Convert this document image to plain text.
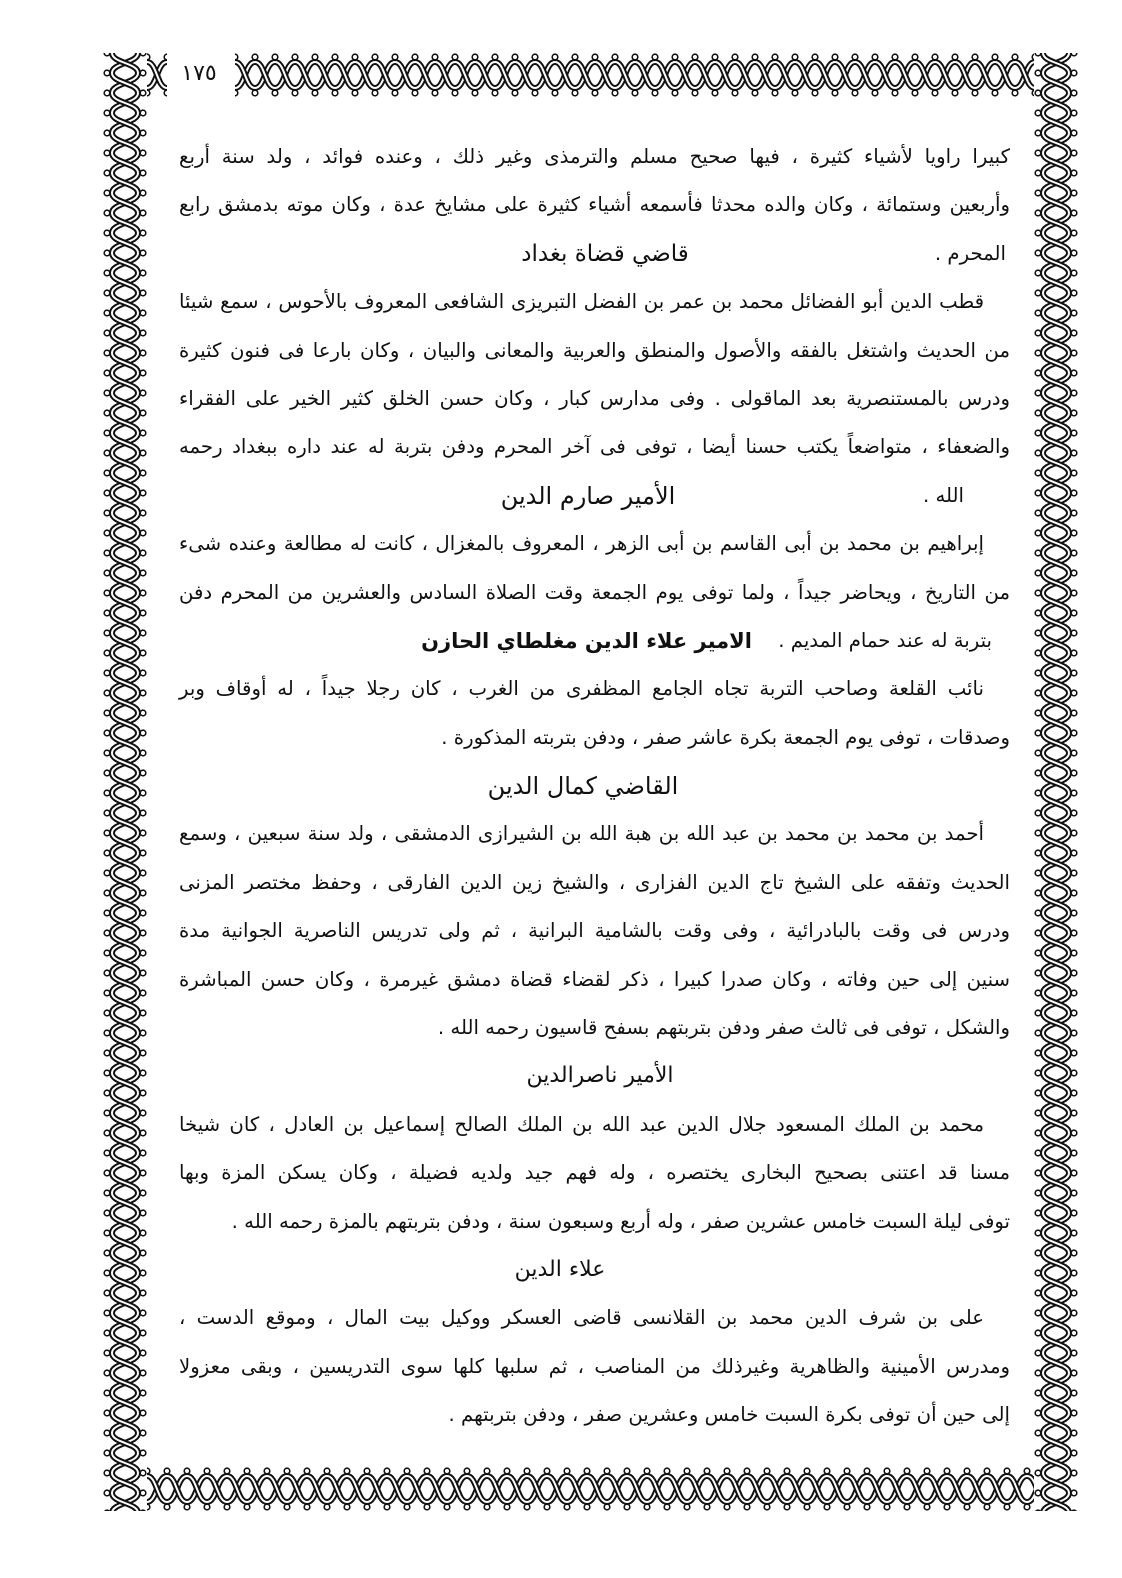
١٧٥
كبيرا راويا لأشياء كثيرة ، فيها صحيح مسلم والترمذى وغير ذلك ، وعنده فوائد ، ولد سنة أربع
وأربعين وستمائة ، وكان والده محدثا فأسمعه أشياء كثيرة على مشايخ عدة ، وكان موته بدمشق رابع
المحرم .
قاضي قضاة بغداد
قطب الدين أبو الفضائل محمد بن عمر بن الفضل التبريزى الشافعى المعروف بالأحوس ، سمع شيئا
من الحديث واشتغل بالفقه والأصول والمنطق والعربية والمعانى والبيان ، وكان بارعا فى فنون كثيرة
ودرس بالمستنصرية بعد الماقولى . وفى مدارس كبار ، وكان حسن الخلق كثير الخير على الفقراء
والضعفاء ، متواضعاً يكتب حسنا أيضا ، توفى فى آخر المحرم ودفن بتربة له عند داره ببغداد رحمه
الله .
الأمير صارم الدين
إبراهيم بن محمد بن أبى القاسم بن أبى الزهر ، المعروف بالمغزال ، كانت له مطالعة وعنده شىء
من التاريخ ، ويحاضر جيداً ، ولما توفى يوم الجمعة وقت الصلاة السادس والعشرين من المحرم دفن
بتربة له عند حمام المديم .
الامير علاء الدين مغلطاي الحازن
نائب القلعة وصاحب التربة تجاه الجامع المظفرى من الغرب ، كان رجلا جيداً ، له أوقاف وبر
وصدقات ، توفى يوم الجمعة بكرة عاشر صفر ، ودفن بتربته المذكورة .
القاضي كمال الدين
أحمد بن محمد بن محمد بن عبد الله بن هبة الله بن الشيرازى الدمشقى ، ولد سنة سبعين ، وسمع
الحديث وتفقه على الشيخ تاج الدين الفزارى ، والشيخ زين الدين الفارقى ، وحفظ مختصر المزنى
ودرس فى وقت بالبادرائية ، وفى وقت بالشامية البرانية ، ثم ولى تدريس الناصرية الجوانية مدة
سنين إلى حين وفاته ، وكان صدرا كبيرا ، ذكر لقضاء قضاة دمشق غيرمرة ، وكان حسن المباشرة
والشكل ، توفى فى ثالث صفر ودفن بتربتهم بسفح قاسيون رحمه الله .
الأمير ناصرالدين
محمد بن الملك المسعود جلال الدين عبد الله بن الملك الصالح إسماعيل بن العادل ، كان شيخا
مسنا قد اعتنى بصحيح البخارى يختصره ، وله فهم جيد ولديه فضيلة ، وكان يسكن المزة وبها
توفى ليلة السبت خامس عشرين صفر ، وله أربع وسبعون سنة ، ودفن بتربتهم بالمزة رحمه الله .
علاء الدين
على بن شرف الدين محمد بن القلانسى قاضى العسكر ووكيل بيت المال ، وموقع الدست ،
ومدرس الأمينية والظاهرية وغيرذلك من المناصب ، ثم سلبها كلها سوى التدريسين ، وبقى معزولا
إلى حين أن توفى بكرة السبت خامس وعشرين صفر ، ودفن بتربتهم .
